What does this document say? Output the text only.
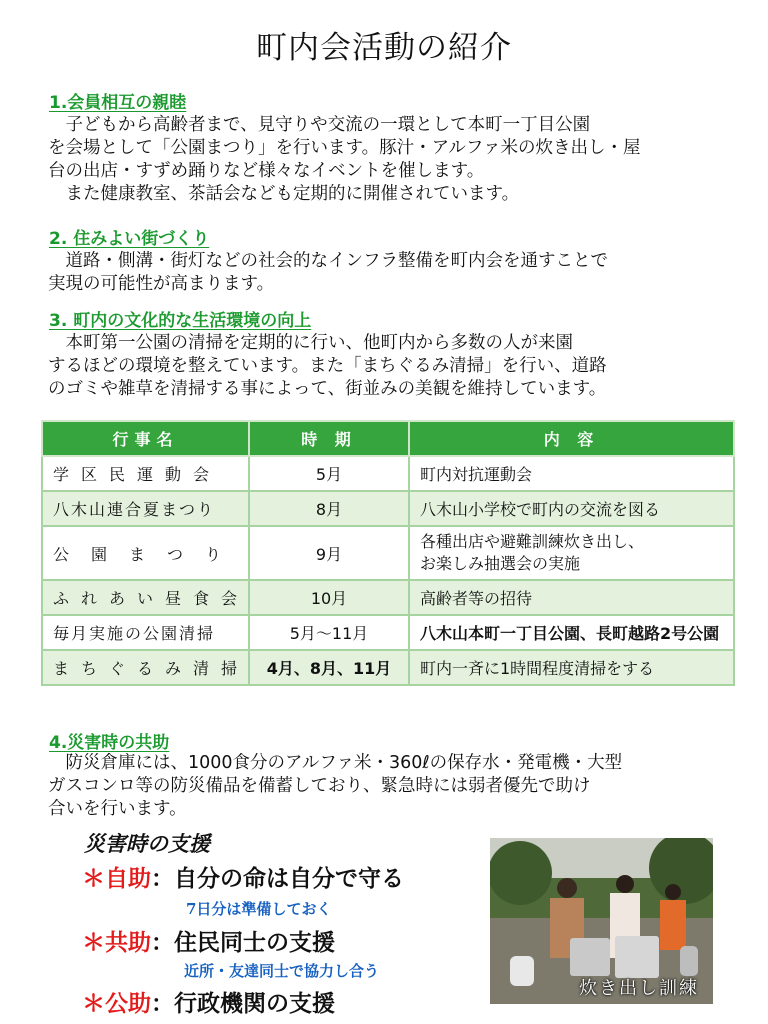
町内会活動の紹介
1.会員相互の親睦
　子どもから高齢者まで、見守りや交流の一環として本町一丁目公園
を会場として「公園まつり」を行います。豚汁・アルファ米の炊き出し・屋
台の出店・すずめ踊りなど様々なイベントを催します。
　また健康教室、茶話会なども定期的に開催されています。
2. 住みよい街づくり
　道路・側溝・街灯などの社会的なインフラ整備を町内会を通すことで
実現の可能性が高まります。
3. 町内の文化的な生活環境の向上
　本町第一公園の清掃を定期的に行い、他町内から多数の人が来園
するほどの環境を整えています。また「まちぐるみ清掃」を行い、道路
のゴミや雑草を清掃する事によって、街並みの美観を維持しています。
行事名	時 期	内 容
学区民運動会	5月	町内対抗運動会
八木山連合夏まつり	8月	八木山小学校で町内の交流を図る
公園まつり	9月	各種出店や避難訓練炊き出し、
お楽しみ抽選会の実施

ふれあい昼食会	10月	高齢者等の招待
毎月実施の公園清掃	5月～11月	八木山本町一丁目公園、長町越路2号公園
まちぐるみ清掃	4月、8月、11月	町内一斉に1時間程度清掃をする
4.災害時の共助
　防災倉庫には、1000食分のアルファ米・360ℓの保存水・発電機・大型
ガスコンロ等の防災備品を備蓄しており、緊急時には弱者優先で助け
合いを行います。
災害時の支援
＊自助：自分の命は自分で守る
7日分は準備しておく
＊共助：住民同士の支援
近所・友達同士で協力し合う
＊公助：行政機関の支援
炊き出し訓練
